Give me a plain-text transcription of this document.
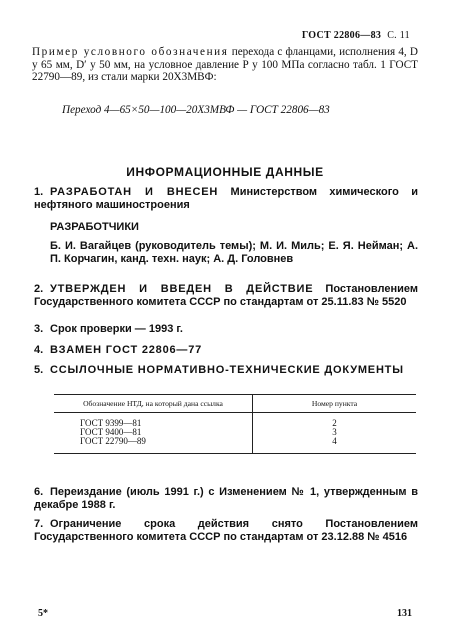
ГОСТ 22806—83 С. 11
Пример условного обозначения перехода с фланцами, исполнения 4, D у 65 мм, D′ у 50 мм, на условное давление Р у 100 МПа согласно табл. 1 ГОСТ 22790—89, из стали марки 20Х3МВФ:
Переход 4—65×50—100—20Х3МВФ — ГОСТ 22806—83
ИНФОРМАЦИОННЫЕ ДАННЫЕ
1. РАЗРАБОТАН И ВНЕСЕН Министерством химического и нефтяного машиностроения
РАЗРАБОТЧИКИ
Б. И. Вагайцев (руководитель темы); М. И. Миль; Е. Я. Нейман; А. П. Корчагин, канд. техн. наук; А. Д. Головнев
2. УТВЕРЖДЕН И ВВЕДЕН В ДЕЙСТВИЕ Постановлением Государственного комитета СССР по стандартам от 25.11.83 № 5520
3. Срок проверки — 1993 г.
4. ВЗАМЕН ГОСТ 22806—77
5. ССЫЛОЧНЫЕ НОРМАТИВНО-ТЕХНИЧЕСКИЕ ДОКУМЕНТЫ
Обозначение НТД, на который дана ссылка	Номер пункта
ГОСТ 9399—81	2
ГОСТ 9400—81	3
ГОСТ 22790—89	4
6. Переиздание (июль 1991 г.) с Изменением № 1, утвержденным в декабре 1988 г.
7. Ограничение срока действия снято Постановлением Государственного комитета СССР по стандартам от 23.12.88 № 4516
5*	131
